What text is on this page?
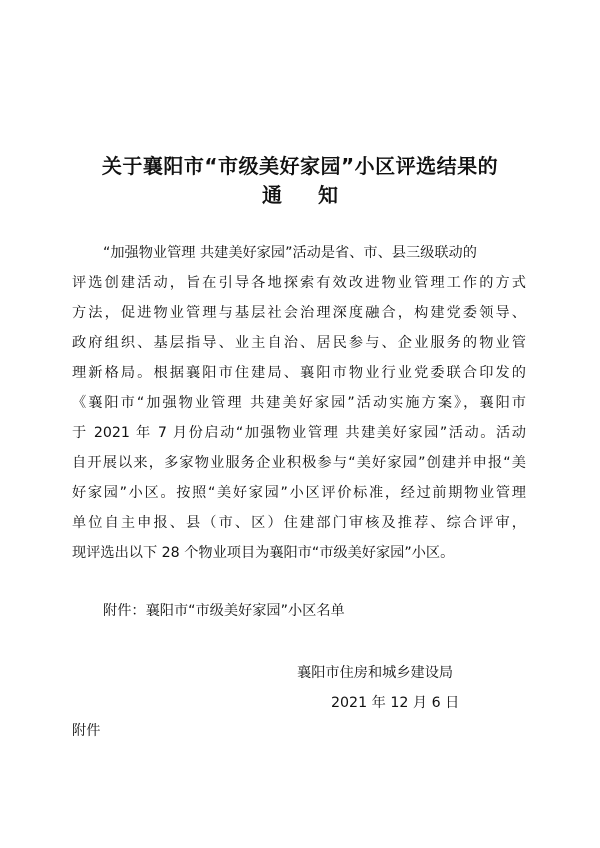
关于襄阳市“市级美好家园”小区评选结果的
通知
“加强物业管理 共建美好家园”活动是省、市、县三级联动的
评选创建活动，旨在引导各地探索有效改进物业管理工作的方式
方法，促进物业管理与基层社会治理深度融合，构建党委领导、
政府组织、基层指导、业主自治、居民参与、企业服务的物业管
理新格局。根据襄阳市住建局、襄阳市物业行业党委联合印发的
《襄阳市“加强物业管理 共建美好家园”活动实施方案》，襄阳市
于 2021 年 7 月份启动“加强物业管理 共建美好家园”活动。活动
自开展以来，多家物业服务企业积极参与“美好家园”创建并申报“美
好家园”小区。按照“美好家园”小区评价标准，经过前期物业管理
单位自主申报、县（市、区）住建部门审核及推荐、综合评审，
现评选出以下 28 个物业项目为襄阳市“市级美好家园”小区。
附件：襄阳市“市级美好家园”小区名单
襄阳市住房和城乡建设局
2021 年 12 月 6 日
附件
